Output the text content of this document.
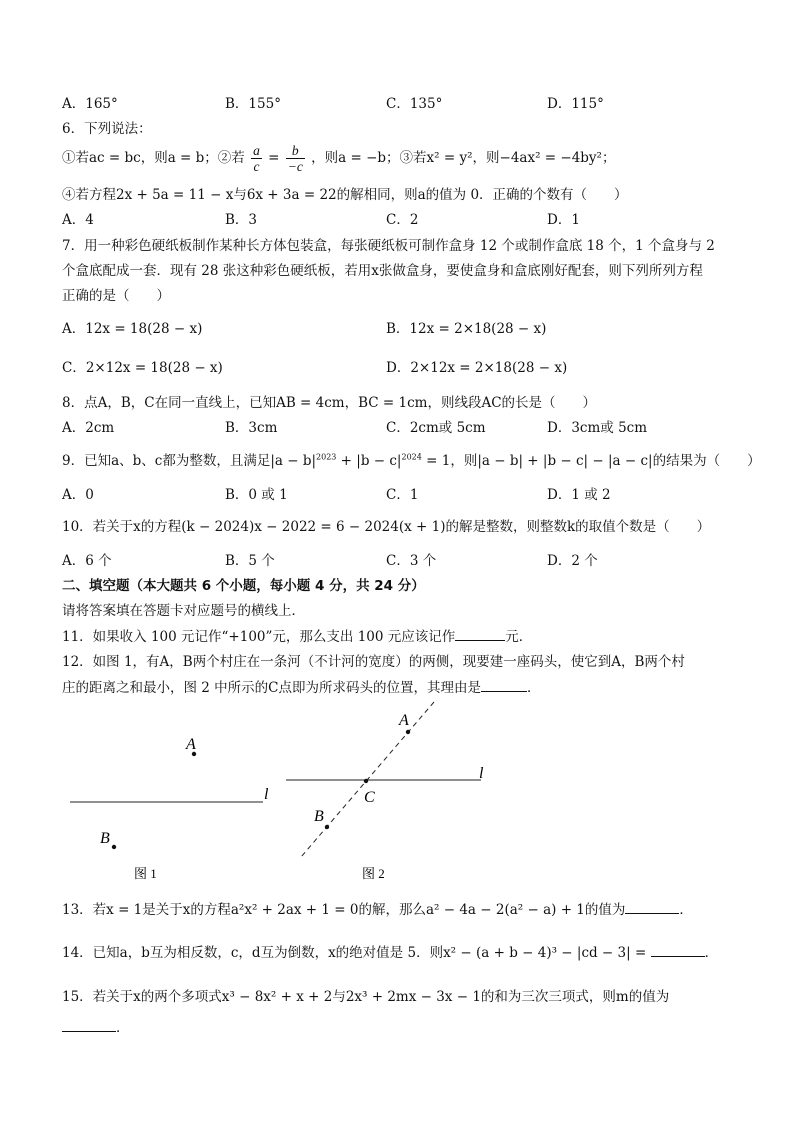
A．165°	B．155°	C．135°	D．115°
6．下列说法：
①若ac = bc，则a = b；②若 $\frac{a}{c} = \frac{b}{-c}$ ，则a = −b；③若x² = y²，则−4ax² = −4by²；
④若方程2x + 5a = 11 − x与6x + 3a = 22的解相同，则a的值为 0．正确的个数有（　　）
A．4	B．3	C．2	D．1
7．用一种彩色硬纸板制作某种长方体包装盒，每张硬纸板可制作盒身 12 个或制作盒底 18 个，1 个盒身与 2
个盒底配成一套．现有 28 张这种彩色硬纸板，若用x张做盒身，要使盒身和盒底刚好配套，则下列所列方程
正确的是（　　）
A．12x = 18(28 − x)	B．12x = 2×18(28 − x)
C．2×12x = 18(28 − x)	D．2×12x = 2×18(28 − x)
8．点A，B，C在同一直线上，已知AB = 4cm，BC = 1cm，则线段AC的长是（　　）
A．2cm	B．3cm	C．2cm或 5cm	D．3cm或 5cm
9．已知a、b、c都为整数，且满足$|a - b|^{2023} + |b - c|^{2024} = 1$，则|a − b| + |b − c| − |a − c|的结果为（　　）
A．0	B．0 或 1	C．1	D．1 或 2
10．若关于x的方程(k − 2024)x − 2022 = 6 − 2024(x + 1)的解是整数，则整数k的取值个数是（　　）
A．6 个	B．5 个	C．3 个	D．2 个
二、填空题（本大题共 6 个小题，每小题 4 分，共 24 分）
请将答案填在答题卡对应题号的横线上．
11．如果收入 100 元记作“+100”元，那么支出 100 元应该记作	元．
12．如图 1，有A，B两个村庄在一条河（不计河的宽度）的两侧，现要建一座码头，使它到A，B两个村
庄的距离之和最小，图 2 中所示的C点即为所求码头的位置，其理由是	．
l
A
B
图 1
l
A
C
B
图 2
13．若x = 1是关于x的方程a²x² + 2ax + 1 = 0的解，那么a² − 4a − 2(a² − a) + 1的值为	．
14．已知a，b互为相反数，c，d互为倒数，x的绝对值是 5．则x² − (a + b − 4)³ − |cd − 3| =	．
15．若关于x的两个多项式x³ − 8x² + x + 2与2x³ + 2mx − 3x − 1的和为三次三项式，则m的值为
．
